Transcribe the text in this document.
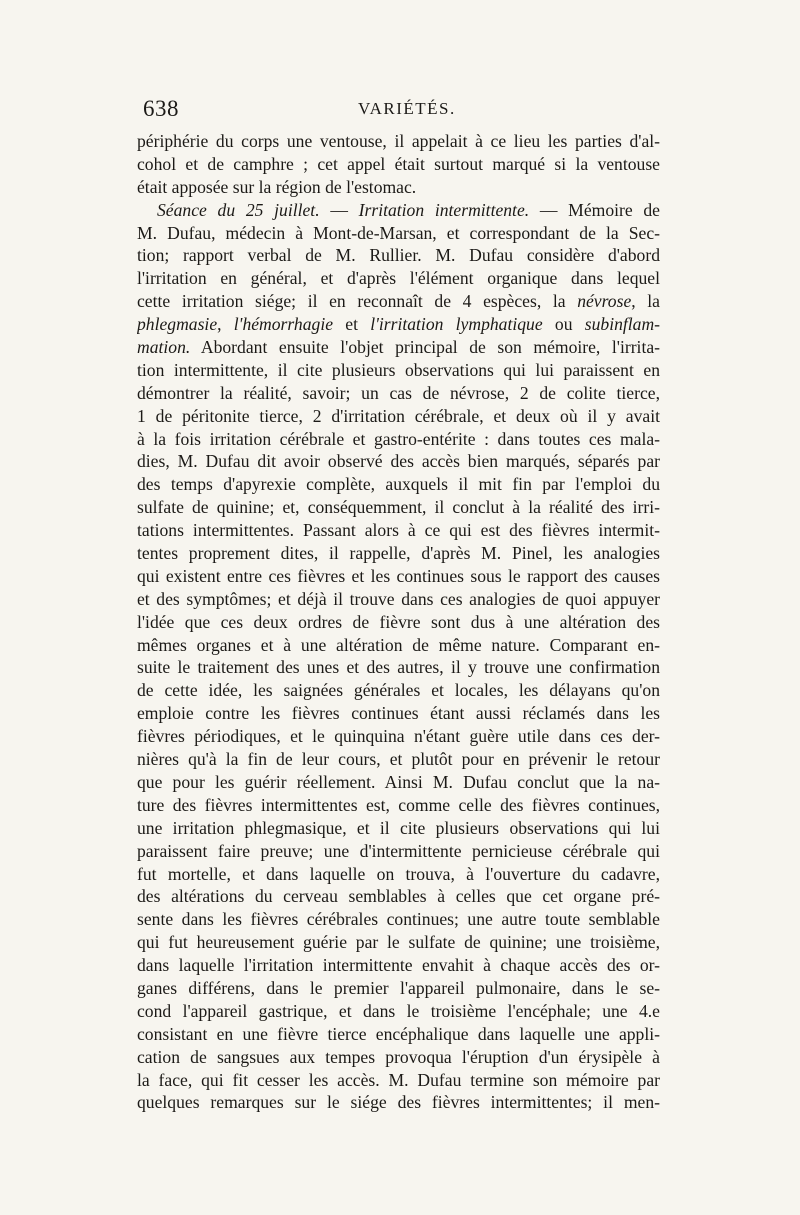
638	VARIÉTÉS.
périphérie du corps une ventouse, il appelait à ce lieu les parties d'al-
cohol et de camphre ; cet appel était surtout marqué si la ventouse
était apposée sur la région de l'estomac.
Séance du 25 juillet. — Irritation intermittente. — Mémoire de
M. Dufau, médecin à Mont-de-Marsan, et correspondant de la Sec-
tion; rapport verbal de M. Rullier. M. Dufau considère d'abord
l'irritation en général, et d'après l'élément organique dans lequel
cette irritation siége; il en reconnaît de 4 espèces, la névrose, la
phlegmasie, l'hémorrhagie et l'irritation lymphatique ou subinflam-
mation. Abordant ensuite l'objet principal de son mémoire, l'irrita-
tion intermittente, il cite plusieurs observations qui lui paraissent en
démontrer la réalité, savoir; un cas de névrose, 2 de colite tierce,
1 de péritonite tierce, 2 d'irritation cérébrale, et deux où il y avait
à la fois irritation cérébrale et gastro-entérite : dans toutes ces mala-
dies, M. Dufau dit avoir observé des accès bien marqués, séparés par
des temps d'apyrexie complète, auxquels il mit fin par l'emploi du
sulfate de quinine; et, conséquemment, il conclut à la réalité des irri-
tations intermittentes. Passant alors à ce qui est des fièvres intermit-
tentes proprement dites, il rappelle, d'après M. Pinel, les analogies
qui existent entre ces fièvres et les continues sous le rapport des causes
et des symptômes; et déjà il trouve dans ces analogies de quoi appuyer
l'idée que ces deux ordres de fièvre sont dus à une altération des
mêmes organes et à une altération de même nature. Comparant en-
suite le traitement des unes et des autres, il y trouve une confirmation
de cette idée, les saignées générales et locales, les délayans qu'on
emploie contre les fièvres continues étant aussi réclamés dans les
fièvres périodiques, et le quinquina n'étant guère utile dans ces der-
nières qu'à la fin de leur cours, et plutôt pour en prévenir le retour
que pour les guérir réellement. Ainsi M. Dufau conclut que la na-
ture des fièvres intermittentes est, comme celle des fièvres continues,
une irritation phlegmasique, et il cite plusieurs observations qui lui
paraissent faire preuve; une d'intermittente pernicieuse cérébrale qui
fut mortelle, et dans laquelle on trouva, à l'ouverture du cadavre,
des altérations du cerveau semblables à celles que cet organe pré-
sente dans les fièvres cérébrales continues; une autre toute semblable
qui fut heureusement guérie par le sulfate de quinine; une troisième,
dans laquelle l'irritation intermittente envahit à chaque accès des or-
ganes différens, dans le premier l'appareil pulmonaire, dans le se-
cond l'appareil gastrique, et dans le troisième l'encéphale; une 4.e
consistant en une fièvre tierce encéphalique dans laquelle une appli-
cation de sangsues aux tempes provoqua l'éruption d'un érysipèle à
la face, qui fit cesser les accès. M. Dufau termine son mémoire par
quelques remarques sur le siége des fièvres intermittentes; il men-
